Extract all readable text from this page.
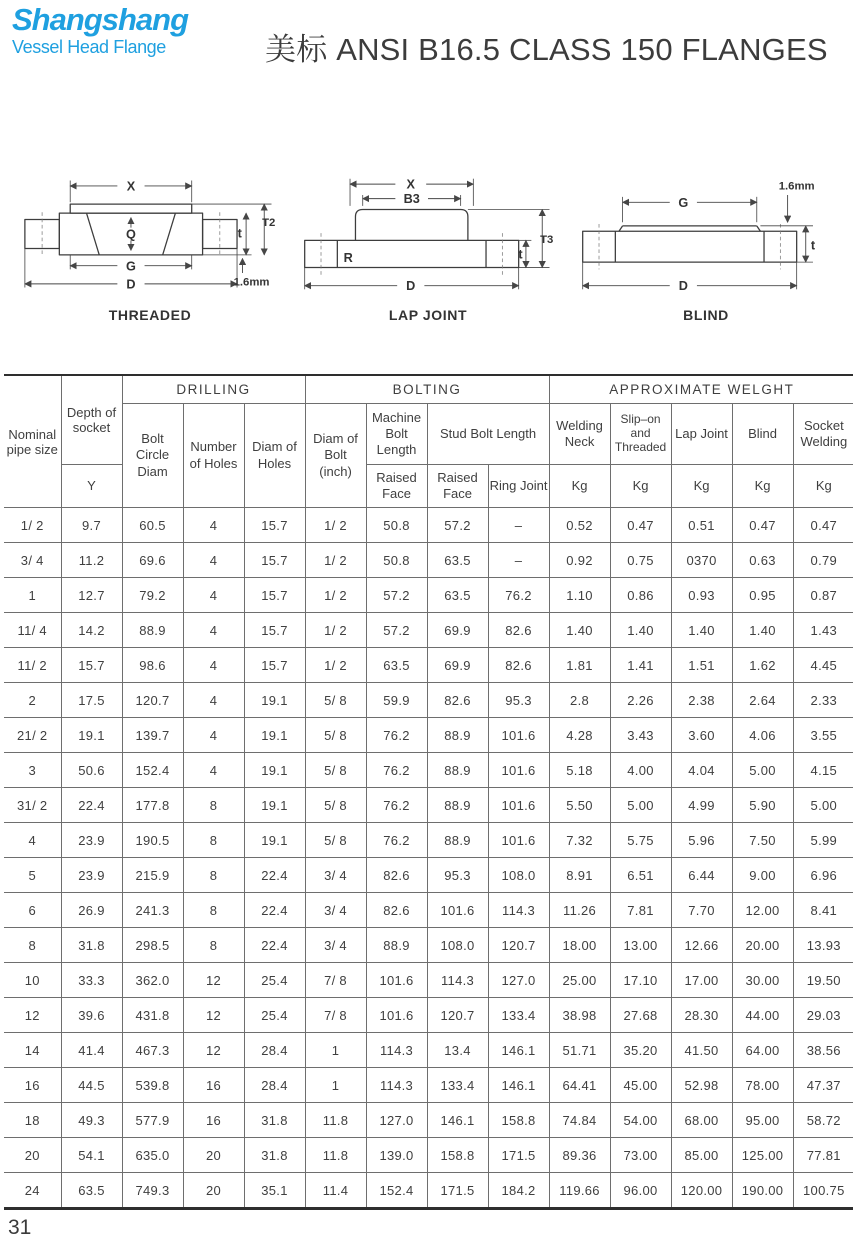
Shangshang
Vessel Head Flange	美标 ANSI B16.5 CLASS 150 FLANGES
X
Q
G
D
t
T2
1.6mm
THREADED
X
B3
R
D
t
T3
LAP JOINT
G
D
1.6mm
t
BLIND
Nominal pipe size	Depth of socket	DRILLING			BOLTING				APPROXIMATE WELGHT				
		Bolt Circle Diam	Number of Holes	Diam of Holes	Diam of Bolt (inch)	Machine Bolt Length	Stud Bolt Length		Welding Neck	Slip–on and Threaded	Lap Joint	Blind	Socket Welding
	Y					Raised Face	Raised Face	Ring Joint	Kg	Kg	Kg	Kg	Kg
1/ 2	9.7	60.5	4	15.7	1/ 2	50.8	57.2	–	0.52	0.47	0.51	0.47	0.47
3/ 4	11.2	69.6	4	15.7	1/ 2	50.8	63.5	–	0.92	0.75	0370	0.63	0.79
1	12.7	79.2	4	15.7	1/ 2	57.2	63.5	76.2	1.10	0.86	0.93	0.95	0.87
11/ 4	14.2	88.9	4	15.7	1/ 2	57.2	69.9	82.6	1.40	1.40	1.40	1.40	1.43
11/ 2	15.7	98.6	4	15.7	1/ 2	63.5	69.9	82.6	1.81	1.41	1.51	1.62	4.45
2	17.5	120.7	4	19.1	5/ 8	59.9	82.6	95.3	2.8	2.26	2.38	2.64	2.33
21/ 2	19.1	139.7	4	19.1	5/ 8	76.2	88.9	101.6	4.28	3.43	3.60	4.06	3.55
3	50.6	152.4	4	19.1	5/ 8	76.2	88.9	101.6	5.18	4.00	4.04	5.00	4.15
31/ 2	22.4	177.8	8	19.1	5/ 8	76.2	88.9	101.6	5.50	5.00	4.99	5.90	5.00
4	23.9	190.5	8	19.1	5/ 8	76.2	88.9	101.6	7.32	5.75	5.96	7.50	5.99
5	23.9	215.9	8	22.4	3/ 4	82.6	95.3	108.0	8.91	6.51	6.44	9.00	6.96
6	26.9	241.3	8	22.4	3/ 4	82.6	101.6	114.3	11.26	7.81	7.70	12.00	8.41
8	31.8	298.5	8	22.4	3/ 4	88.9	108.0	120.7	18.00	13.00	12.66	20.00	13.93
10	33.3	362.0	12	25.4	7/ 8	101.6	114.3	127.0	25.00	17.10	17.00	30.00	19.50
12	39.6	431.8	12	25.4	7/ 8	101.6	120.7	133.4	38.98	27.68	28.30	44.00	29.03
14	41.4	467.3	12	28.4	1	114.3	13.4	146.1	51.71	35.20	41.50	64.00	38.56
16	44.5	539.8	16	28.4	1	114.3	133.4	146.1	64.41	45.00	52.98	78.00	47.37
18	49.3	577.9	16	31.8	11.8	127.0	146.1	158.8	74.84	54.00	68.00	95.00	58.72
20	54.1	635.0	20	31.8	11.8	139.0	158.8	171.5	89.36	73.00	85.00	125.00	77.81
24	63.5	749.3	20	35.1	11.4	152.4	171.5	184.2	119.66	96.00	120.00	190.00	100.75
31
